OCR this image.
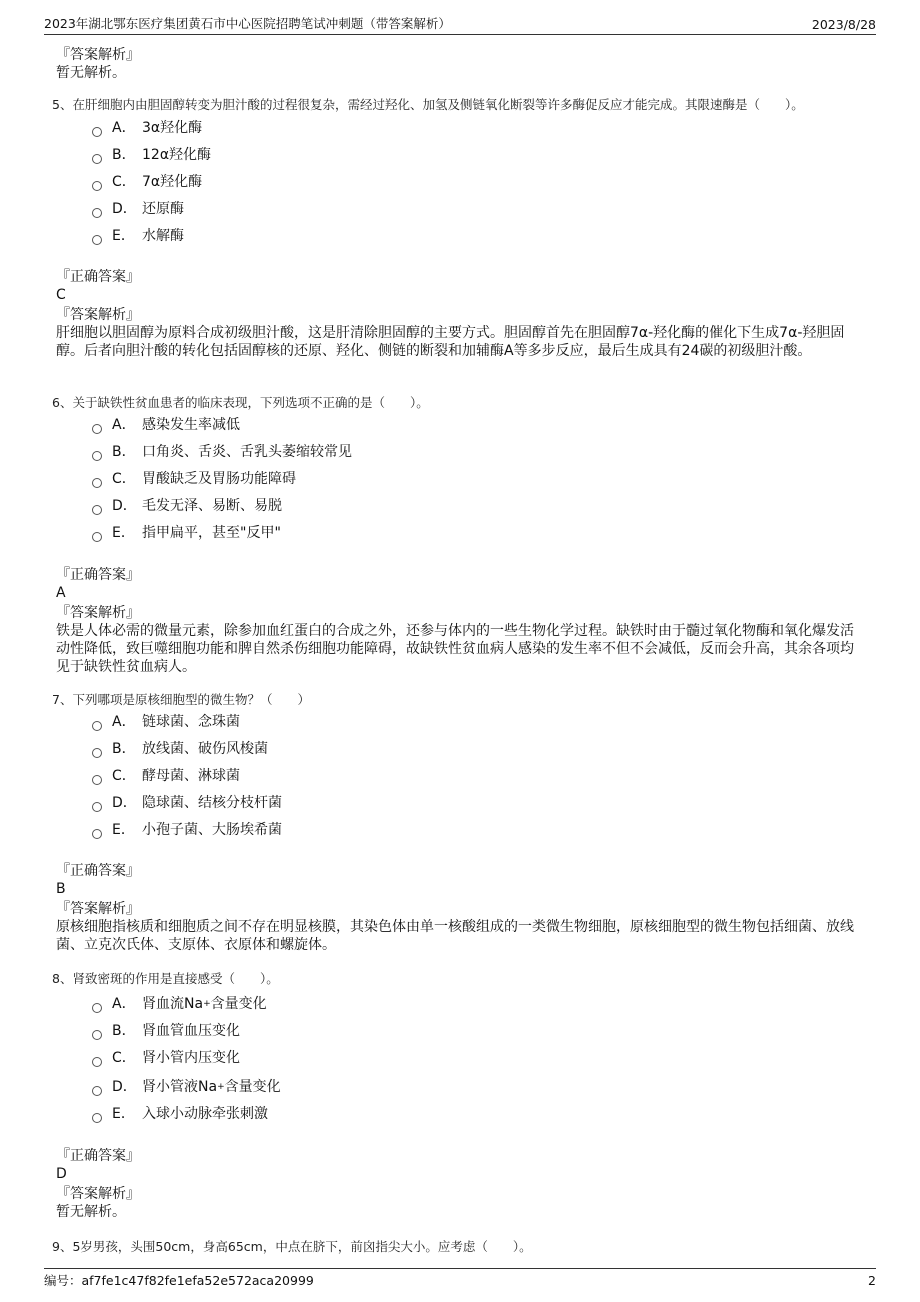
2023年湖北鄂东医疗集团黄石市中心医院招聘笔试冲刺题（带答案解析）	2023/8/28
『答案解析』
暂无解析。
5、在肝细胞内由胆固醇转变为胆汁酸的过程很复杂，需经过羟化、加氢及侧链氧化断裂等许多酶促反应才能完成。其限速酶是（　　）。
A． 3α羟化酶
B． 12α羟化酶
C． 7α羟化酶
D． 还原酶
E． 水解酶
『正确答案』
C
『答案解析』
肝细胞以胆固醇为原料合成初级胆汁酸，这是肝清除胆固醇的主要方式。胆固醇首先在胆固醇7α-羟化酶的催化下生成7α-羟胆固醇。后者向胆汁酸的转化包括固醇核的还原、羟化、侧链的断裂和加辅酶A等多步反应，最后生成具有24碳的初级胆汁酸。
6、关于缺铁性贫血患者的临床表现，下列选项不正确的是（　　）。
A． 感染发生率减低
B． 口角炎、舌炎、舌乳头萎缩较常见
C． 胃酸缺乏及胃肠功能障碍
D． 毛发无泽、易断、易脱
E． 指甲扁平，甚至"反甲"
『正确答案』
A
『答案解析』
铁是人体必需的微量元素，除参加血红蛋白的合成之外，还参与体内的一些生物化学过程。缺铁时由于髓过氧化物酶和氧化爆发活动性降低，致巨噬细胞功能和脾自然杀伤细胞功能障碍，故缺铁性贫血病人感染的发生率不但不会减低，反而会升高，其余各项均见于缺铁性贫血病人。
7、下列哪项是原核细胞型的微生物？（　　）
A． 链球菌、念珠菌
B． 放线菌、破伤风梭菌
C． 酵母菌、淋球菌
D． 隐球菌、结核分枝杆菌
E． 小孢子菌、大肠埃希菌
『正确答案』
B
『答案解析』
原核细胞指核质和细胞质之间不存在明显核膜，其染色体由单一核酸组成的一类微生物细胞，原核细胞型的微生物包括细菌、放线菌、立克次氏体、支原体、衣原体和螺旋体。
8、肾致密斑的作用是直接感受（　　）。
A． 肾血流Na + 含量变化
B． 肾血管血压变化
C． 肾小管内压变化
D． 肾小管液Na + 含量变化
E． 入球小动脉牵张刺激
『正确答案』
D
『答案解析』
暂无解析。
9、5岁男孩，头围50cm，身高65cm，中点在脐下，前囟指尖大小。应考虑（　　）。
编号：af7fe1c47f82fe1efa52e572aca20999	2
